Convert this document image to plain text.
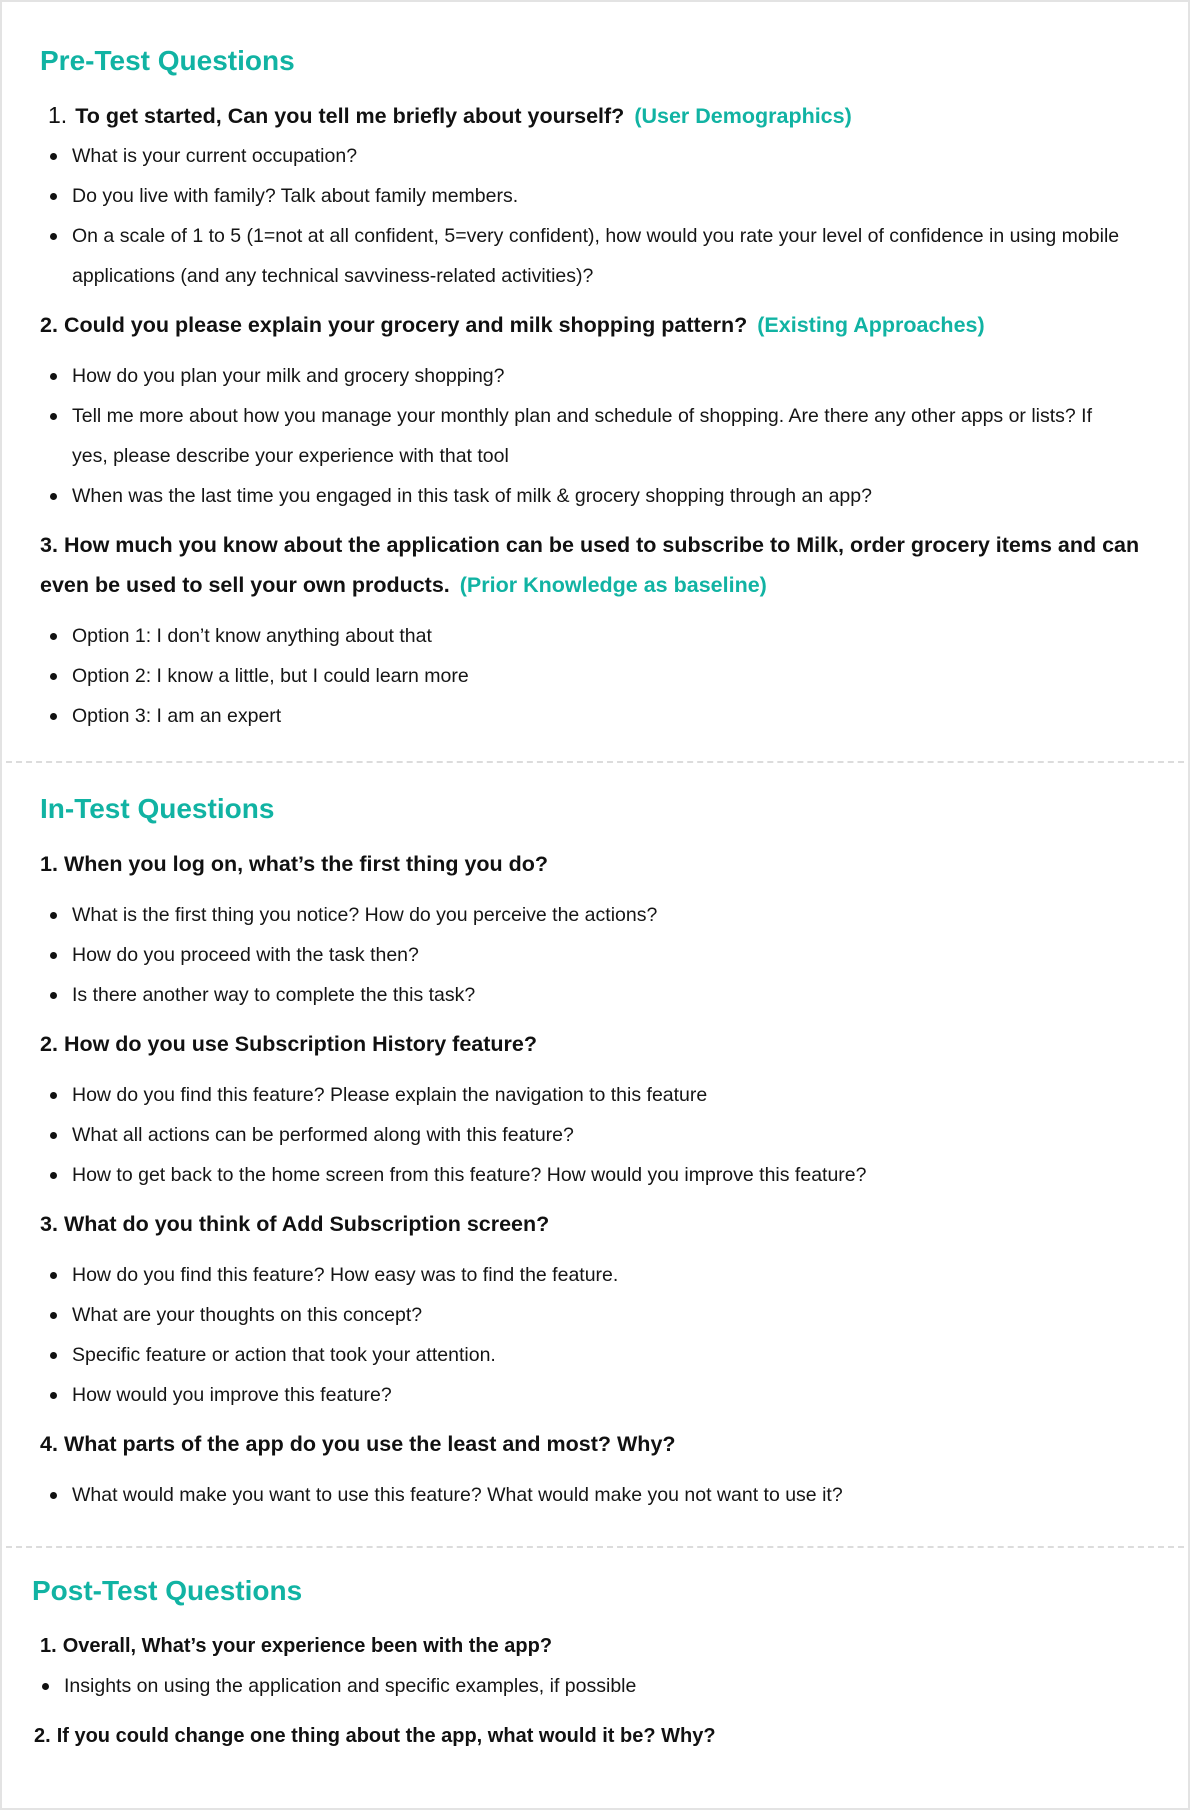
Pre-Test Questions

1. To get started, Can you tell me briefly about yourself? (User Demographics)

What is your current occupation?
Do you live with family? Talk about family members.
On a scale of 1 to 5 (1=not at all confident, 5=very confident), how would you rate your level of confidence in using mobile applications (and any technical savviness-related activities)?

2. Could you please explain your grocery and milk shopping pattern? (Existing Approaches)

How do you plan your milk and grocery shopping?
Tell me more about how you manage your monthly plan and schedule of shopping. Are there any other apps or lists? If yes, please describe your experience with that tool
When was the last time you engaged in this task of milk & grocery shopping through an app?

3. How much you know about the application can be used to subscribe to Milk, order grocery items and can even be used to sell your own products. (Prior Knowledge as baseline)

Option 1: I don’t know anything about that
Option 2: I know a little, but I could learn more
Option 3: I am an expert
In-Test Questions

1. When you log on, what’s the first thing you do?

What is the first thing you notice? How do you perceive the actions?
How do you proceed with the task then?
Is there another way to complete the this task?

2. How do you use Subscription History feature?

How do you find this feature? Please explain the navigation to this feature
What all actions can be performed along with this feature?
How to get back to the home screen from this feature? How would you improve this feature?

3. What do you think of Add Subscription screen?

How do you find this feature? How easy was to find the feature.
What are your thoughts on this concept?
Specific feature or action that took your attention.
How would you improve this feature?

4. What parts of the app do you use the least and most? Why?

What would make you want to use this feature? What would make you not want to use it?
Post-Test Questions

1. Overall, What’s your experience been with the app?

Insights on using the application and specific examples, if possible

2. If you could change one thing about the app, what would it be? Why?
